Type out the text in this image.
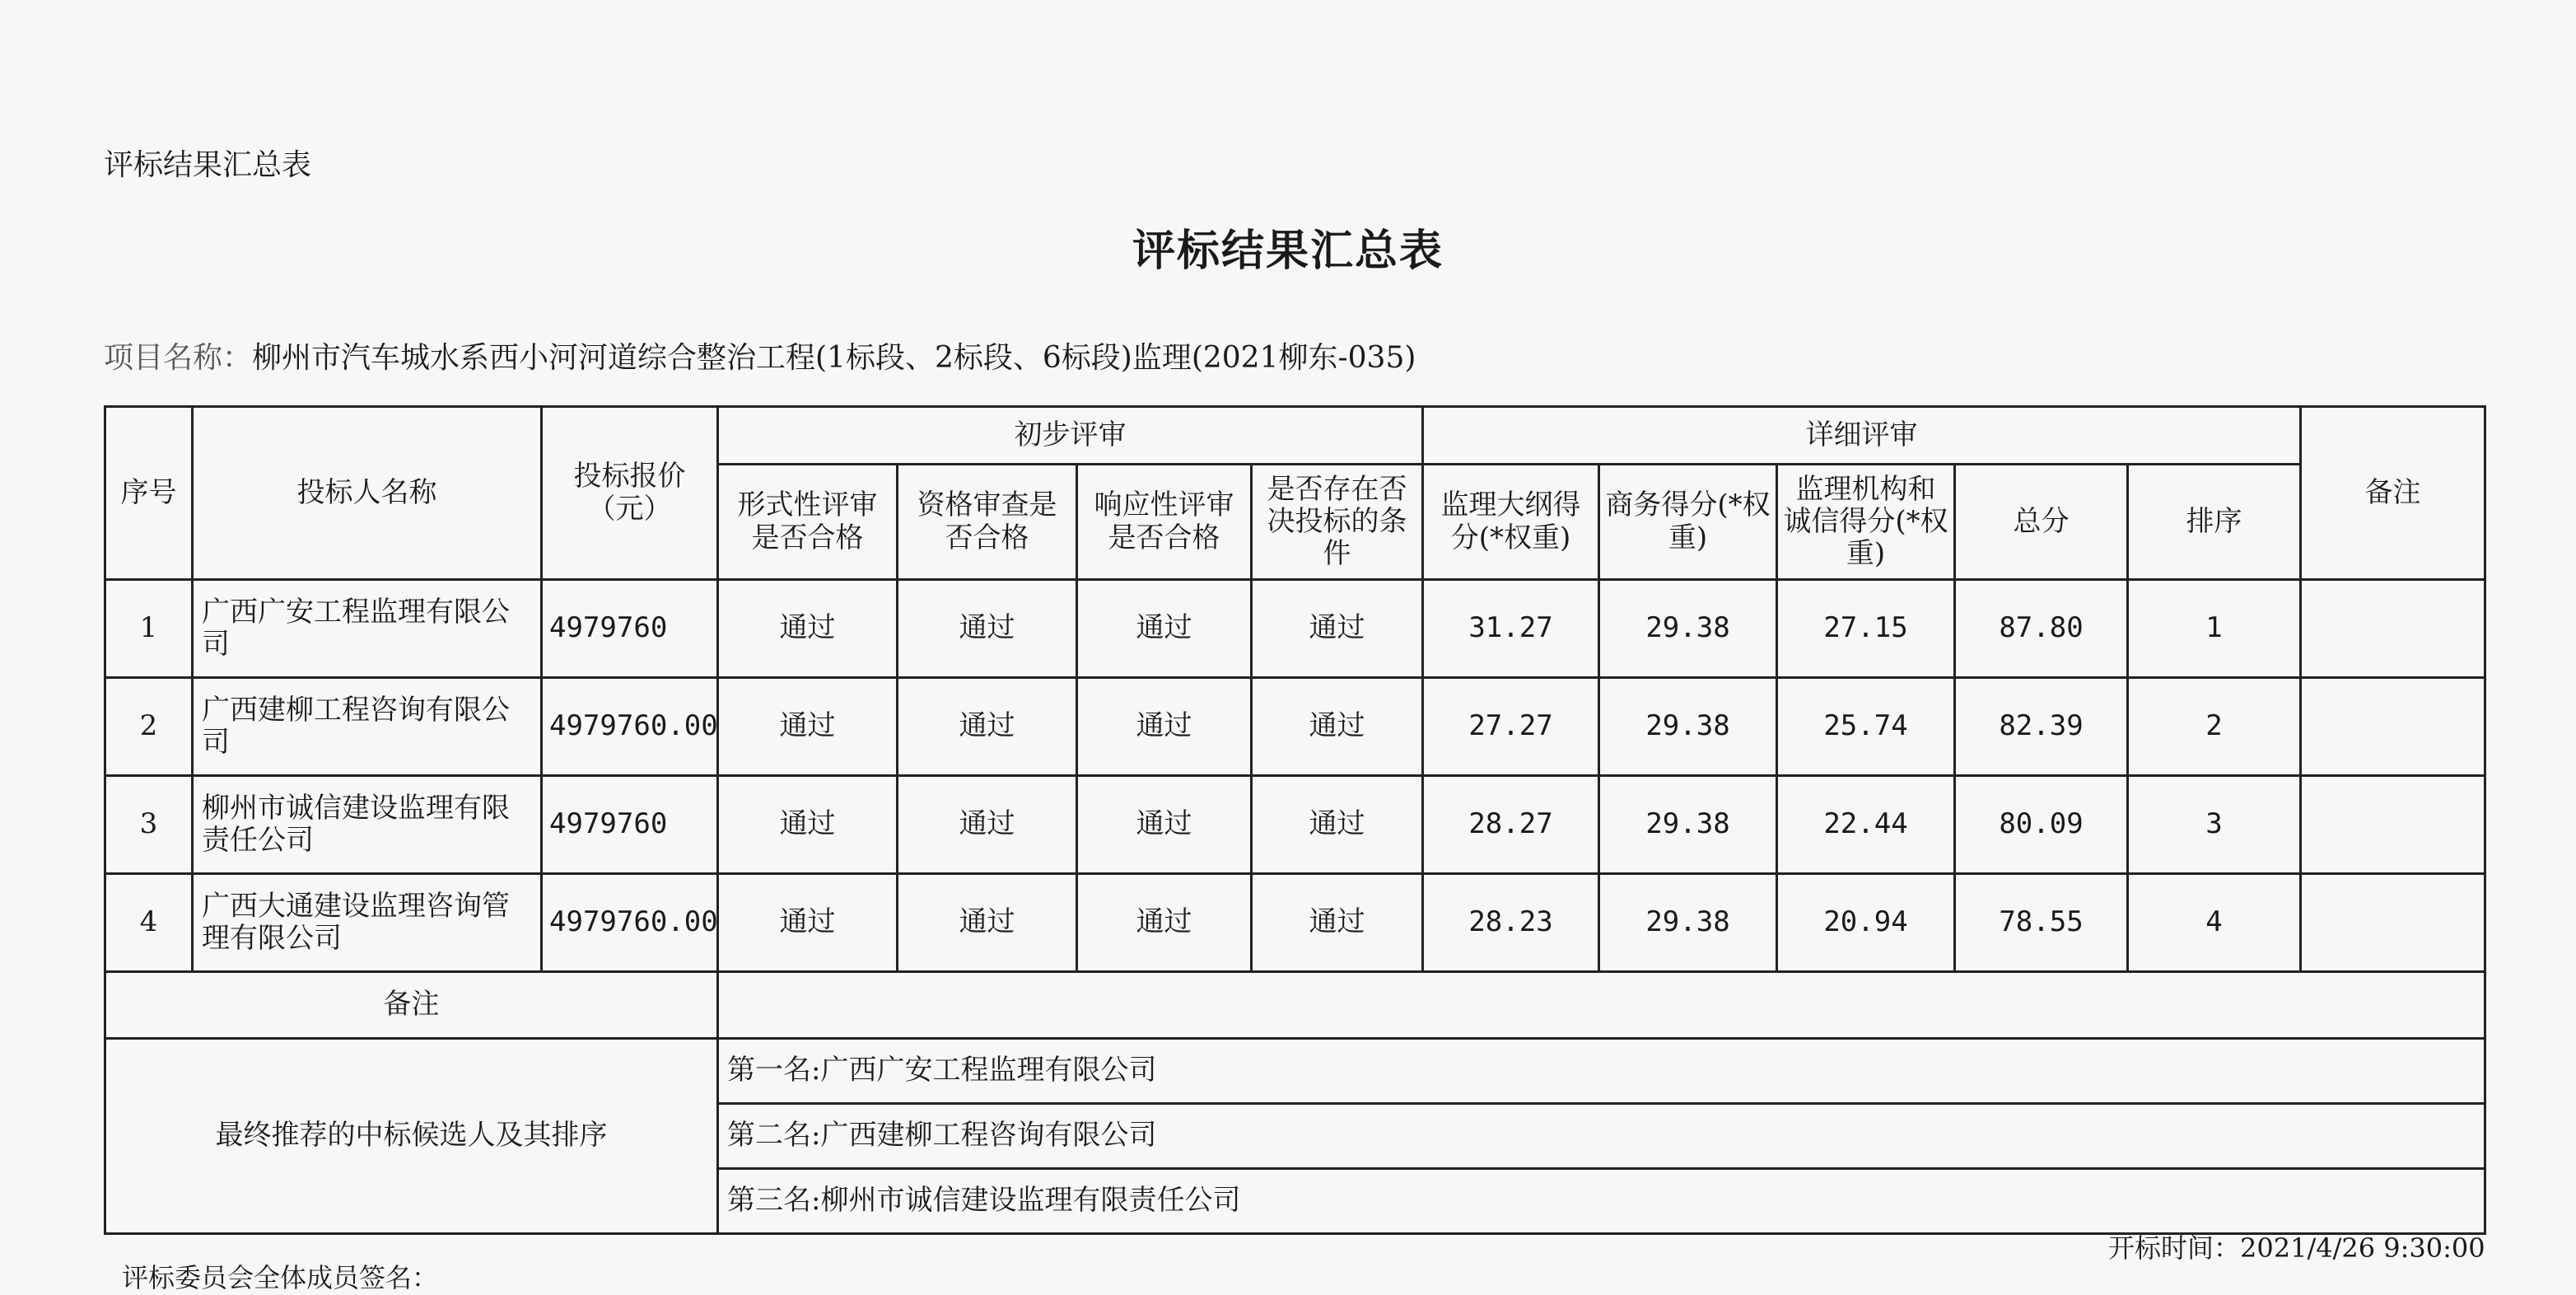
评标结果汇总表
评标结果汇总表
项目名称：柳州市汽车城水系西小河河道综合整治工程(1标段、2标段、6标段)监理(2021柳东-035)
序号	投标人名称	投标报价（元）	初步评审				详细评审					备注
			形式性评审是否合格	资格审查是否合格	响应性评审是否合格	是否存在否决投标的条件	监理大纲得分(*权重)	商务得分(*权重)	监理机构和诚信得分(*权重)	总分	排序	
1	广西广安工程监理有限公司	4979760	通过	通过	通过	通过	31.27	29.38	27.15	87.80	1	
2	广西建柳工程咨询有限公司	4979760.00	通过	通过	通过	通过	27.27	29.38	25.74	82.39	2	
3	柳州市诚信建设监理有限责任公司	4979760	通过	通过	通过	通过	28.27	29.38	22.44	80.09	3	
4	广西大通建设监理咨询管理有限公司	4979760.00	通过	通过	通过	通过	28.23	29.38	20.94	78.55	4	
备注												
最终推荐的中标候选人及其排序			第一名:广西广安工程监理有限公司									
			第二名:广西建柳工程咨询有限公司									
			第三名:柳州市诚信建设监理有限责任公司									
开标时间：2021/4/26 9:30:00
评标委员会全体成员签名：
